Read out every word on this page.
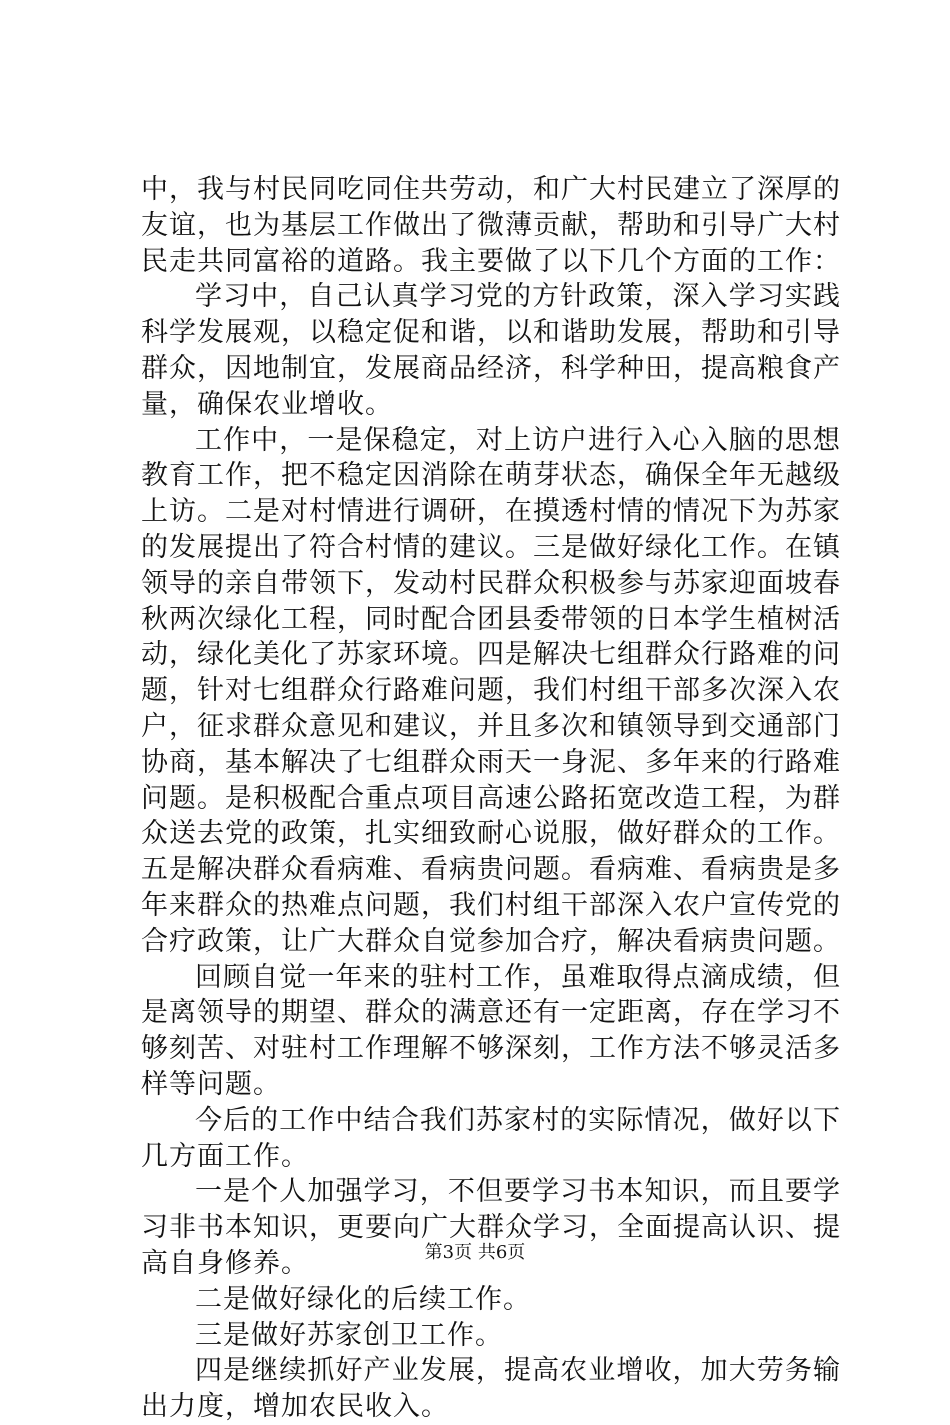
中，我与村民同吃同住共劳动，和广大村民建立了深厚的友谊，也为基层工作做出了微薄贡献，帮助和引导广大村民走共同富裕的道路。我主要做了以下几个方面的工作：

学习中，自己认真学习党的方针政策，深入学习实践科学发展观，以稳定促和谐，以和谐助发展，帮助和引导群众，因地制宜，发展商品经济，科学种田，提高粮食产量，确保农业增收。

工作中，一是保稳定，对上访户进行入心入脑的思想教育工作，把不稳定因消除在萌芽状态，确保全年无越级上访。二是对村情进行调研，在摸透村情的情况下为苏家的发展提出了符合村情的建议。三是做好绿化工作。在镇领导的亲自带领下，发动村民群众积极参与苏家迎面坡春秋两次绿化工程，同时配合团县委带领的日本学生植树活动，绿化美化了苏家环境。四是解决七组群众行路难的问题，针对七组群众行路难问题，我们村组干部多次深入农户，征求群众意见和建议，并且多次和镇领导到交通部门协商，基本解决了七组群众雨天一身泥、多年来的行路难问题。是积极配合重点项目高速公路拓宽改造工程，为群众送去党的政策，扎实细致耐心说服，做好群众的工作。五是解决群众看病难、看病贵问题。看病难、看病贵是多年来群众的热难点问题，我们村组干部深入农户宣传党的合疗政策，让广大群众自觉参加合疗，解决看病贵问题。

回顾自觉一年来的驻村工作，虽难取得点滴成绩，但是离领导的期望、群众的满意还有一定距离，存在学习不够刻苦、对驻村工作理解不够深刻，工作方法不够灵活多样等问题。

今后的工作中结合我们苏家村的实际情况，做好以下几方面工作。

一是个人加强学习，不但要学习书本知识，而且要学习非书本知识，更要向广大群众学习，全面提高认识、提高自身修养。

二是做好绿化的后续工作。

三是做好苏家创卫工作。

四是继续抓好产业发展，提高农业增收，加大劳务输出力度，增加农民收入。

第3页 共6页
